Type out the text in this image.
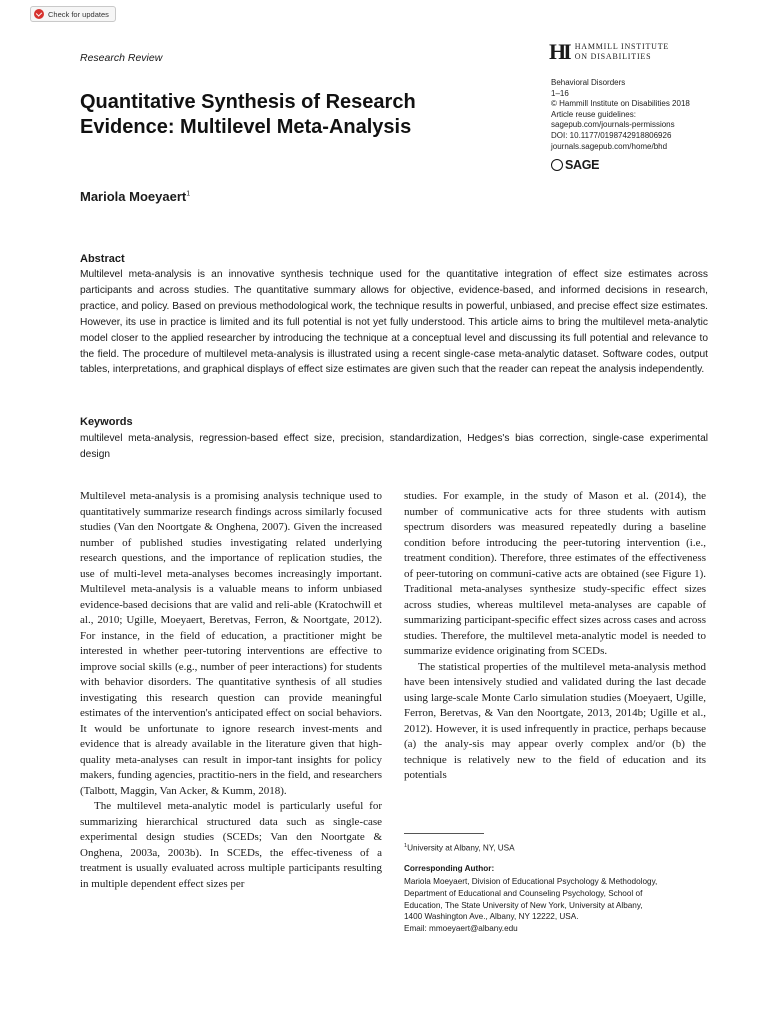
Check for updates
Research Review
Quantitative Synthesis of Research Evidence: Multilevel Meta-Analysis
Mariola Moeyaert$^1$
HI HAMMILL INSTITUTE
ON DISABILITIES
Behavioral Disorders
1–16
© Hammill Institute on Disabilities 2018
Article reuse guidelines:
sagepub.com/journals-permissions
DOI: 10.1177/0198742918806926
journals.sagepub.com/home/bhd
SAGE
Abstract
Multilevel meta-analysis is an innovative synthesis technique used for the quantitative integration of effect size estimates across participants and across studies. The quantitative summary allows for objective, evidence-based, and informed decisions in research, practice, and policy. Based on previous methodological work, the technique results in powerful, unbiased, and precise effect size estimates. However, its use in practice is limited and its full potential is not yet fully understood. This article aims to bring the multilevel meta-analytic model closer to the applied researcher by introducing the technique at a conceptual level and discussing its full potential and relevance to the field. The procedure of multilevel meta-analysis is illustrated using a recent single-case meta-analytic dataset. Software codes, output tables, interpretations, and graphical displays of effect size estimates are given such that the reader can repeat the analysis independently.
Keywords
multilevel meta-analysis, regression-based effect size, precision, standardization, Hedges's bias correction, single-case experimental design

Multilevel meta-analysis is a promising analysis technique used to quantitatively summarize research findings across similarly focused studies (Van den Noortgate & Onghena, 2007). Given the increased number of published studies investigating related underlying research questions, and the importance of replication studies, the use of multi-level meta-analyses becomes increasingly important. Multilevel meta-analysis is a valuable means to inform unbiased evidence-based decisions that are valid and reli-able (Kratochwill et al., 2010; Ugille, Moeyaert, Beretvas, Ferron, & Noortgate, 2012). For instance, in the field of education, a practitioner might be interested in whether peer-tutoring interventions are effective to improve social skills (e.g., number of peer interactions) for students with behavior disorders. The quantitative synthesis of all studies investigating this research question can provide meaningful estimates of the intervention's anticipated effect on social behaviors. It would be unfortunate to ignore research invest-ments and evidence that is already available in the literature given that high-quality meta-analyses can result in impor-tant insights for policy makers, funding agencies, practitio-ners in the field, and researchers (Talbott, Maggin, Van Acker, & Kumm, 2018).

The multilevel meta-analytic model is particularly useful for summarizing hierarchical structured data such as single-case experimental design studies (SCEDs; Van den Noortgate & Onghena, 2003a, 2003b). In SCEDs, the effec-tiveness of a treatment is usually evaluated across multiple participants resulting in multiple dependent effect sizes per

studies. For example, in the study of Mason et al. (2014), the number of communicative acts for three students with autism spectrum disorders was measured repeatedly during a baseline condition before introducing the peer-tutoring intervention (i.e., treatment condition). Therefore, three estimates of the effectiveness of peer-tutoring on communi-cative acts are obtained (see Figure 1). Traditional meta-analyses synthesize study-specific effect sizes across studies, whereas multilevel meta-analyses are capable of summarizing participant-specific effect sizes across cases and across studies. Therefore, the multilevel meta-analytic model is needed to summarize evidence originating from SCEDs.

The statistical properties of the multilevel meta-analysis method have been intensively studied and validated during the last decade using large-scale Monte Carlo simulation studies (Moeyaert, Ugille, Ferron, Beretvas, & Van den Noortgate, 2013, 2014b; Ugille et al., 2012). However, it is used infrequently in practice, perhaps because (a) the analy-sis may appear overly complex and/or (b) the technique is relatively new to the field of education and its potentials

$^1$University at Albany, NY, USA
Corresponding Author:
Mariola Moeyaert, Division of Educational Psychology & Methodology,
Department of Educational and Counseling Psychology, School of
Education, The State University of New York, University at Albany,
1400 Washington Ave., Albany, NY 12222, USA.
Email: mmoeyaert@albany.edu
